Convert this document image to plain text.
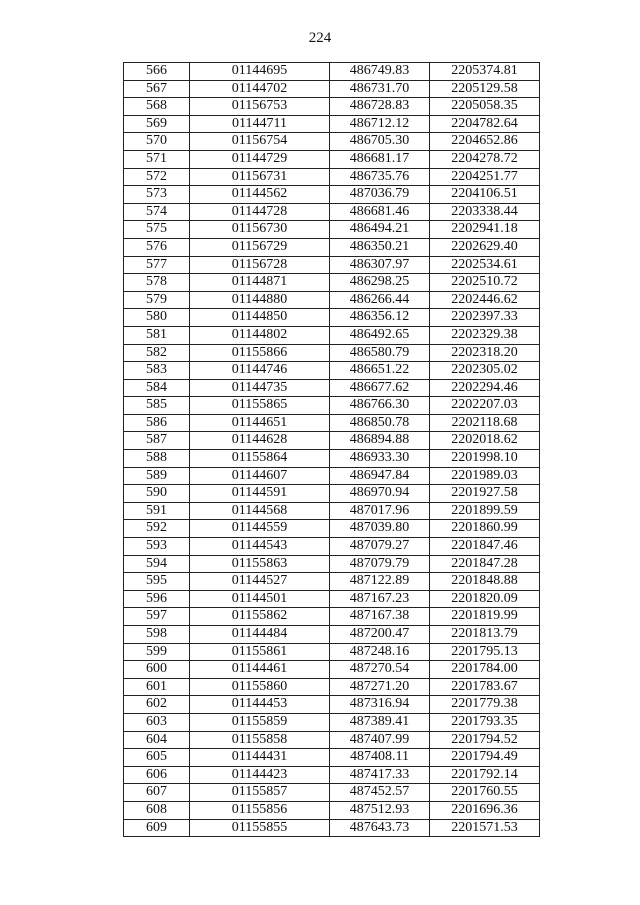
224
566	01144695	486749.83	2205374.81
567	01144702	486731.70	2205129.58
568	01156753	486728.83	2205058.35
569	01144711	486712.12	2204782.64
570	01156754	486705.30	2204652.86
571	01144729	486681.17	2204278.72
572	01156731	486735.76	2204251.77
573	01144562	487036.79	2204106.51
574	01144728	486681.46	2203338.44
575	01156730	486494.21	2202941.18
576	01156729	486350.21	2202629.40
577	01156728	486307.97	2202534.61
578	01144871	486298.25	2202510.72
579	01144880	486266.44	2202446.62
580	01144850	486356.12	2202397.33
581	01144802	486492.65	2202329.38
582	01155866	486580.79	2202318.20
583	01144746	486651.22	2202305.02
584	01144735	486677.62	2202294.46
585	01155865	486766.30	2202207.03
586	01144651	486850.78	2202118.68
587	01144628	486894.88	2202018.62
588	01155864	486933.30	2201998.10
589	01144607	486947.84	2201989.03
590	01144591	486970.94	2201927.58
591	01144568	487017.96	2201899.59
592	01144559	487039.80	2201860.99
593	01144543	487079.27	2201847.46
594	01155863	487079.79	2201847.28
595	01144527	487122.89	2201848.88
596	01144501	487167.23	2201820.09
597	01155862	487167.38	2201819.99
598	01144484	487200.47	2201813.79
599	01155861	487248.16	2201795.13
600	01144461	487270.54	2201784.00
601	01155860	487271.20	2201783.67
602	01144453	487316.94	2201779.38
603	01155859	487389.41	2201793.35
604	01155858	487407.99	2201794.52
605	01144431	487408.11	2201794.49
606	01144423	487417.33	2201792.14
607	01155857	487452.57	2201760.55
608	01155856	487512.93	2201696.36
609	01155855	487643.73	2201571.53
